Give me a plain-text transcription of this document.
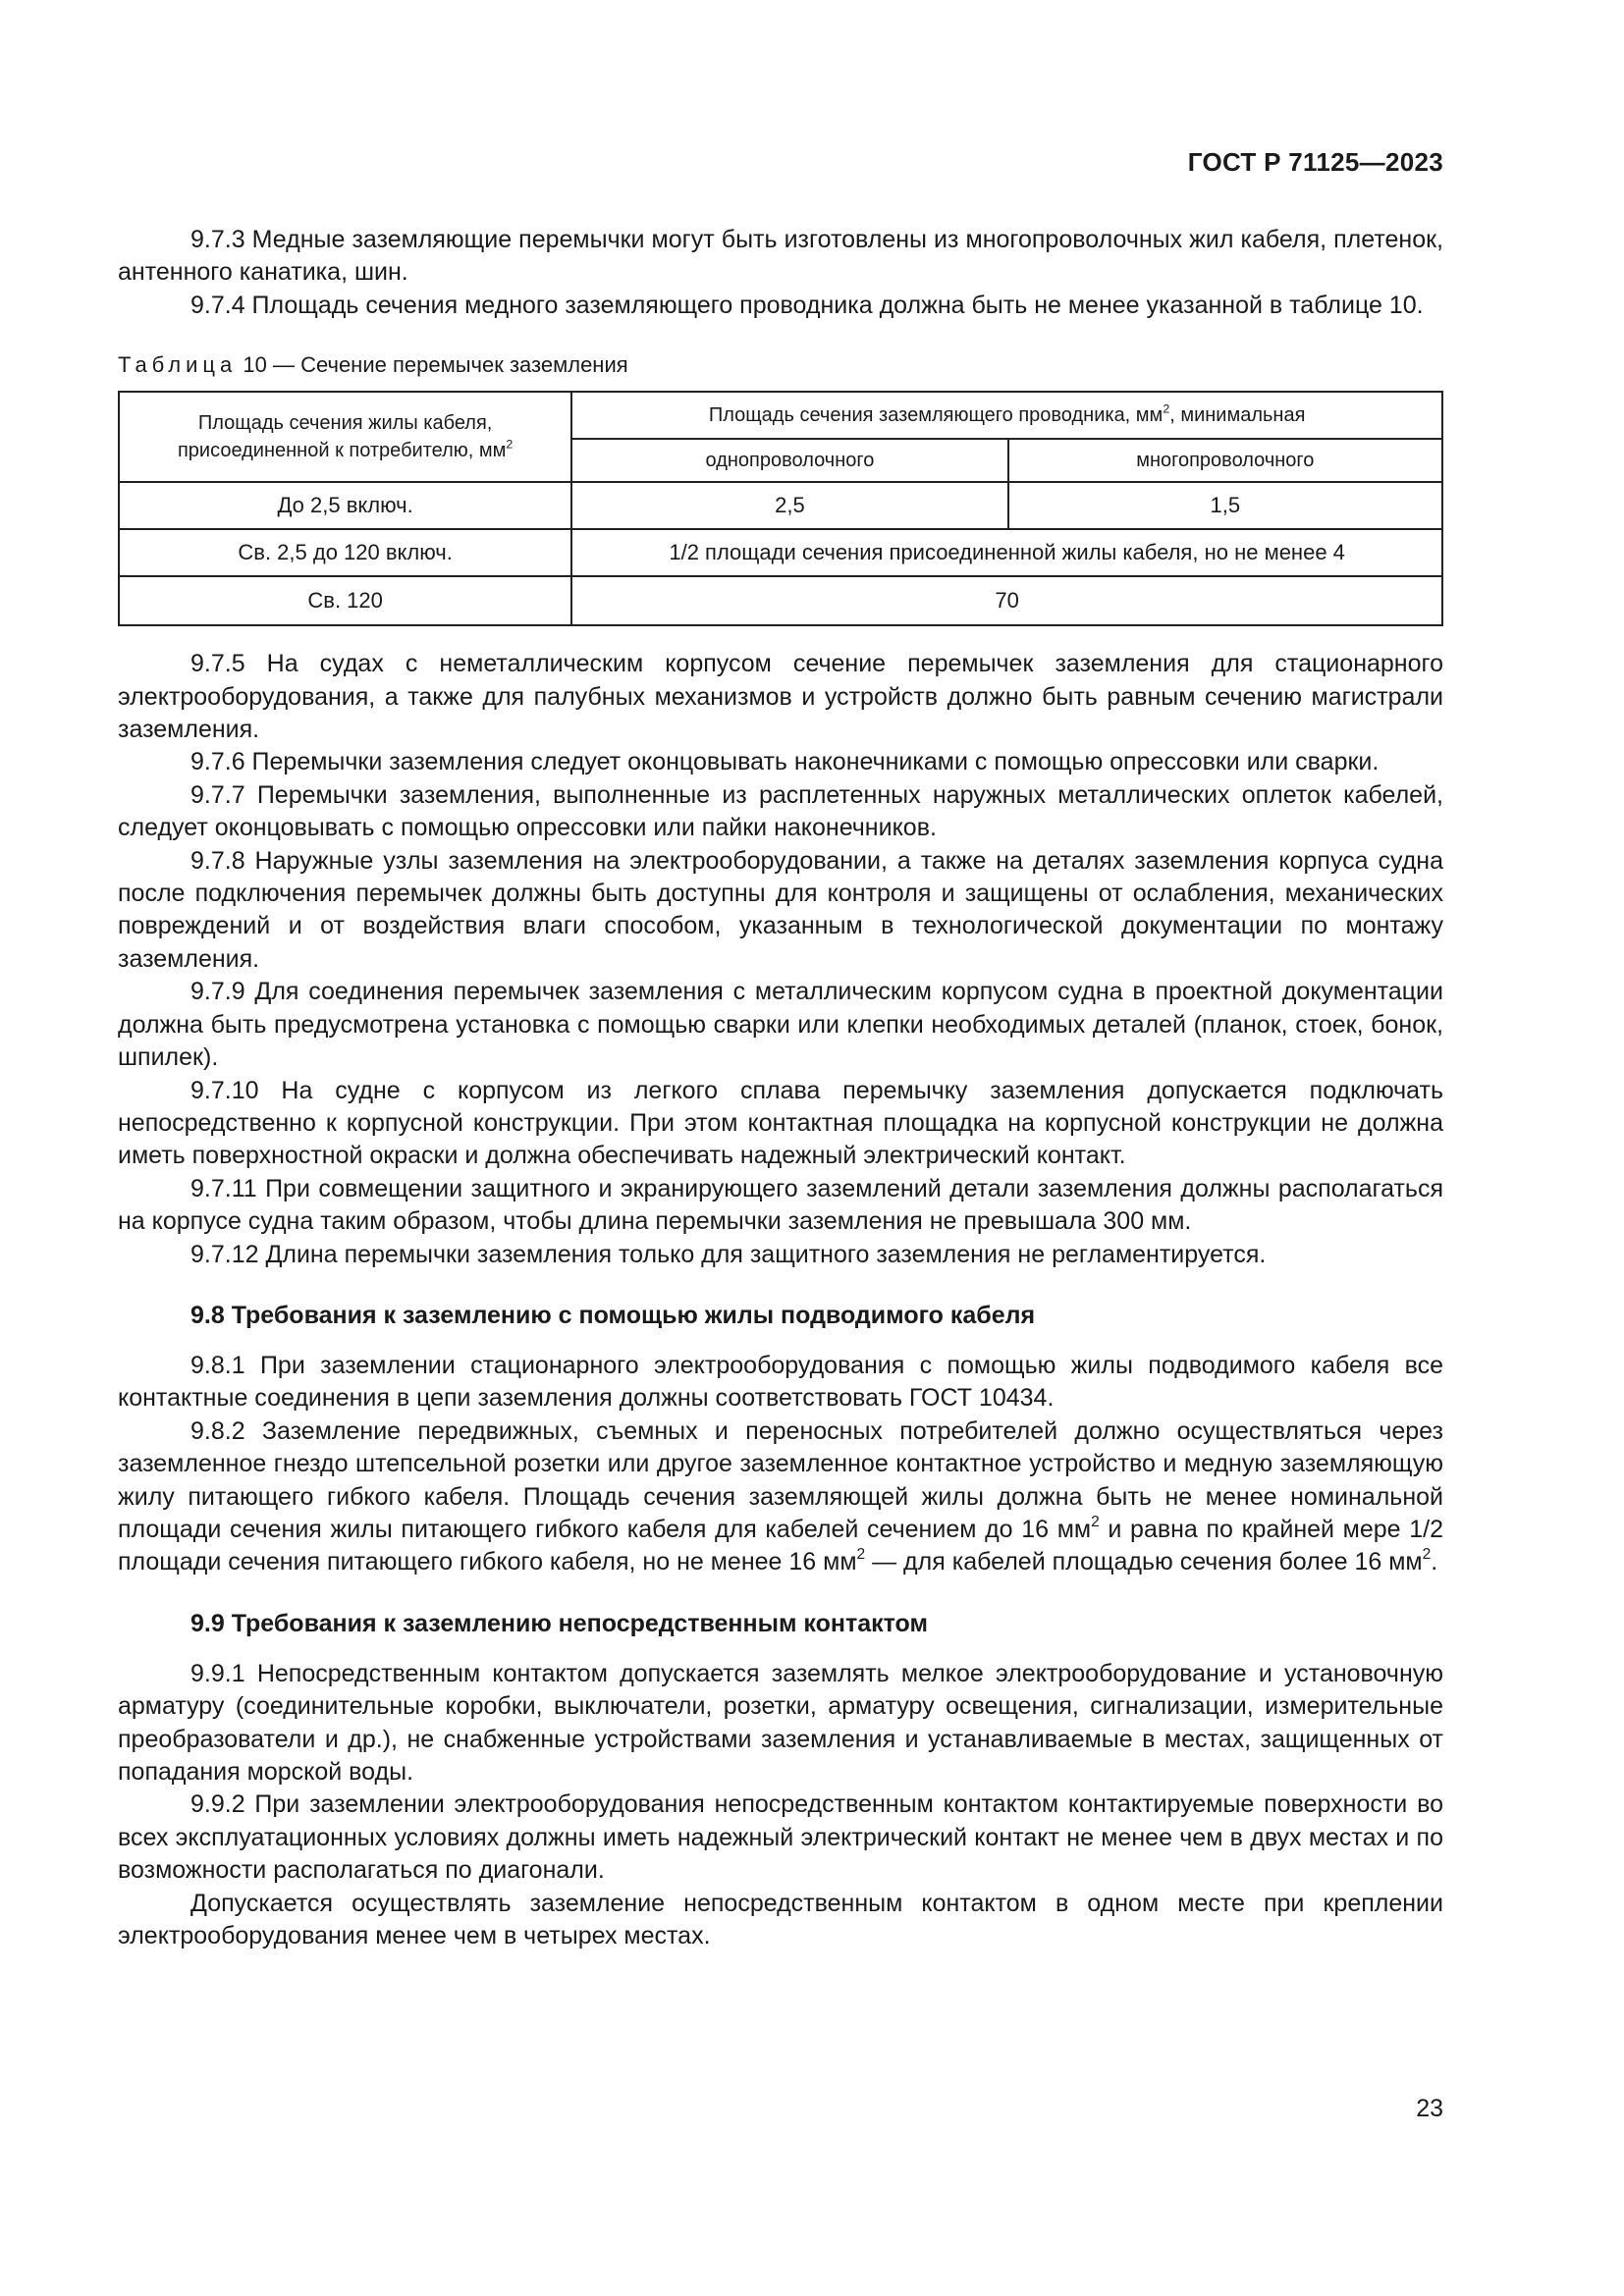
ГОСТ Р 71125—2023

9.7.3 Медные заземляющие перемычки могут быть изготовлены из многопроволочных жил кабеля, плетенок, антенного канатика, шин.

9.7.4 Площадь сечения медного заземляющего проводника должна быть не менее указанной в таблице 10.

Таблица 10 — Сечение перемычек заземления
Площадь сечения жилы кабеля, присоединенной к потребителю, $мм^2$	Площадь сечения заземляющего проводника, $мм^2$, минимальная	
	однопроволочного	многопроволочного
До 2,5 включ.	2,5	1,5
Св. 2,5 до 120 включ.	1/2 площади сечения присоединенной жилы кабеля, но не менее 4	
Св. 120	70	

9.7.5 На судах с неметаллическим корпусом сечение перемычек заземления для стационарного электрооборудования, а также для палубных механизмов и устройств должно быть равным сечению магистрали заземления.

9.7.6 Перемычки заземления следует оконцовывать наконечниками с помощью опрессовки или сварки.

9.7.7 Перемычки заземления, выполненные из расплетенных наружных металлических оплеток кабелей, следует оконцовывать с помощью опрессовки или пайки наконечников.

9.7.8 Наружные узлы заземления на электрооборудовании, а также на деталях заземления корпуса судна после подключения перемычек должны быть доступны для контроля и защищены от ослабления, механических повреждений и от воздействия влаги способом, указанным в технологической документации по монтажу заземления.

9.7.9 Для соединения перемычек заземления с металлическим корпусом судна в проектной документации должна быть предусмотрена установка с помощью сварки или клепки необходимых деталей (планок, стоек, бонок, шпилек).

9.7.10 На судне с корпусом из легкого сплава перемычку заземления допускается подключать непосредственно к корпусной конструкции. При этом контактная площадка на корпусной конструкции не должна иметь поверхностной окраски и должна обеспечивать надежный электрический контакт.

9.7.11 При совмещении защитного и экранирующего заземлений детали заземления должны располагаться на корпусе судна таким образом, чтобы длина перемычки заземления не превышала 300 мм.

9.7.12 Длина перемычки заземления только для защитного заземления не регламентируется.

9.8 Требования к заземлению с помощью жилы подводимого кабеля

9.8.1 При заземлении стационарного электрооборудования с помощью жилы подводимого кабеля все контактные соединения в цепи заземления должны соответствовать ГОСТ 10434.

9.8.2 Заземление передвижных, съемных и переносных потребителей должно осуществляться через заземленное гнездо штепсельной розетки или другое заземленное контактное устройство и медную заземляющую жилу питающего гибкого кабеля. Площадь сечения заземляющей жилы должна быть не менее номинальной площади сечения жилы питающего гибкого кабеля для кабелей сечением до 16 $мм^2$ и равна по крайней мере 1/2 площади сечения питающего гибкого кабеля, но не менее 16 $мм^2$ — для кабелей площадью сечения более 16 $мм^2$.

9.9 Требования к заземлению непосредственным контактом

9.9.1 Непосредственным контактом допускается заземлять мелкое электрооборудование и установочную арматуру (соединительные коробки, выключатели, розетки, арматуру освещения, сигнализации, измерительные преобразователи и др.), не снабженные устройствами заземления и устанавливаемые в местах, защищенных от попадания морской воды.

9.9.2 При заземлении электрооборудования непосредственным контактом контактируемые поверхности во всех эксплуатационных условиях должны иметь надежный электрический контакт не менее чем в двух местах и по возможности располагаться по диагонали.

Допускается осуществлять заземление непосредственным контактом в одном месте при креплении электрооборудования менее чем в четырех местах.

23
